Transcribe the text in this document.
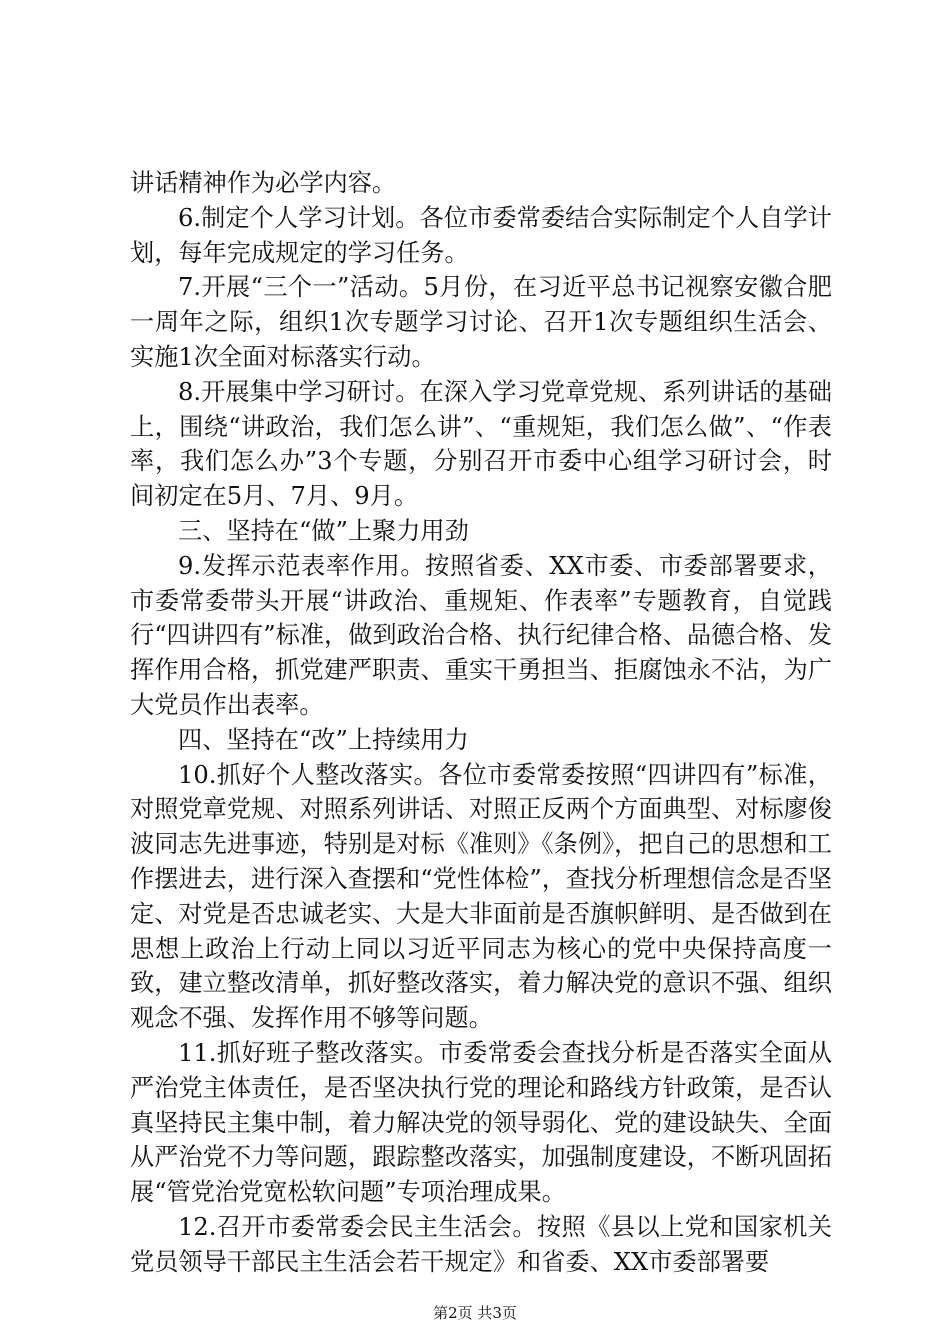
讲话精神作为必学内容。

6.制定个人学习计划。各位市委常委结合实际制定个人自学计划，每年完成规定的学习任务。

7.开展“三个一”活动。5月份，在习近平总书记视察安徽合肥一周年之际，组织1次专题学习讨论、召开1次专题组织生活会、实施1次全面对标落实行动。

8.开展集中学习研讨。在深入学习党章党规、系列讲话的基础上，围绕“讲政治，我们怎么讲”、“重规矩，我们怎么做”、“作表率，我们怎么办”3个专题，分别召开市委中心组学习研讨会，时间初定在5月、7月、9月。

三、坚持在“做”上聚力用劲

9.发挥示范表率作用。按照省委、XX市委、市委部署要求，市委常委带头开展“讲政治、重规矩、作表率”专题教育，自觉践行“四讲四有”标准，做到政治合格、执行纪律合格、品德合格、发挥作用合格，抓党建严职责、重实干勇担当、拒腐蚀永不沾，为广大党员作出表率。

四、坚持在“改”上持续用力

10.抓好个人整改落实。各位市委常委按照“四讲四有”标准，对照党章党规、对照系列讲话、对照正反两个方面典型、对标廖俊波同志先进事迹，特别是对标《准则》《条例》，把自己的思想和工作摆进去，进行深入查摆和“党性体检”，查找分析理想信念是否坚定、对党是否忠诚老实、大是大非面前是否旗帜鲜明、是否做到在思想上政治上行动上同以习近平同志为核心的党中央保持高度一致，建立整改清单，抓好整改落实，着力解决党的意识不强、组织观念不强、发挥作用不够等问题。

11.抓好班子整改落实。市委常委会查找分析是否落实全面从严治党主体责任，是否坚决执行党的理论和路线方针政策，是否认真坚持民主集中制，着力解决党的领导弱化、党的建设缺失、全面从严治党不力等问题，跟踪整改落实，加强制度建设，不断巩固拓展“管党治党宽松软问题”专项治理成果。

12.召开市委常委会民主生活会。按照《县以上党和国家机关党员领导干部民主生活会若干规定》和省委、XX市委部署要

第2页 共3页
